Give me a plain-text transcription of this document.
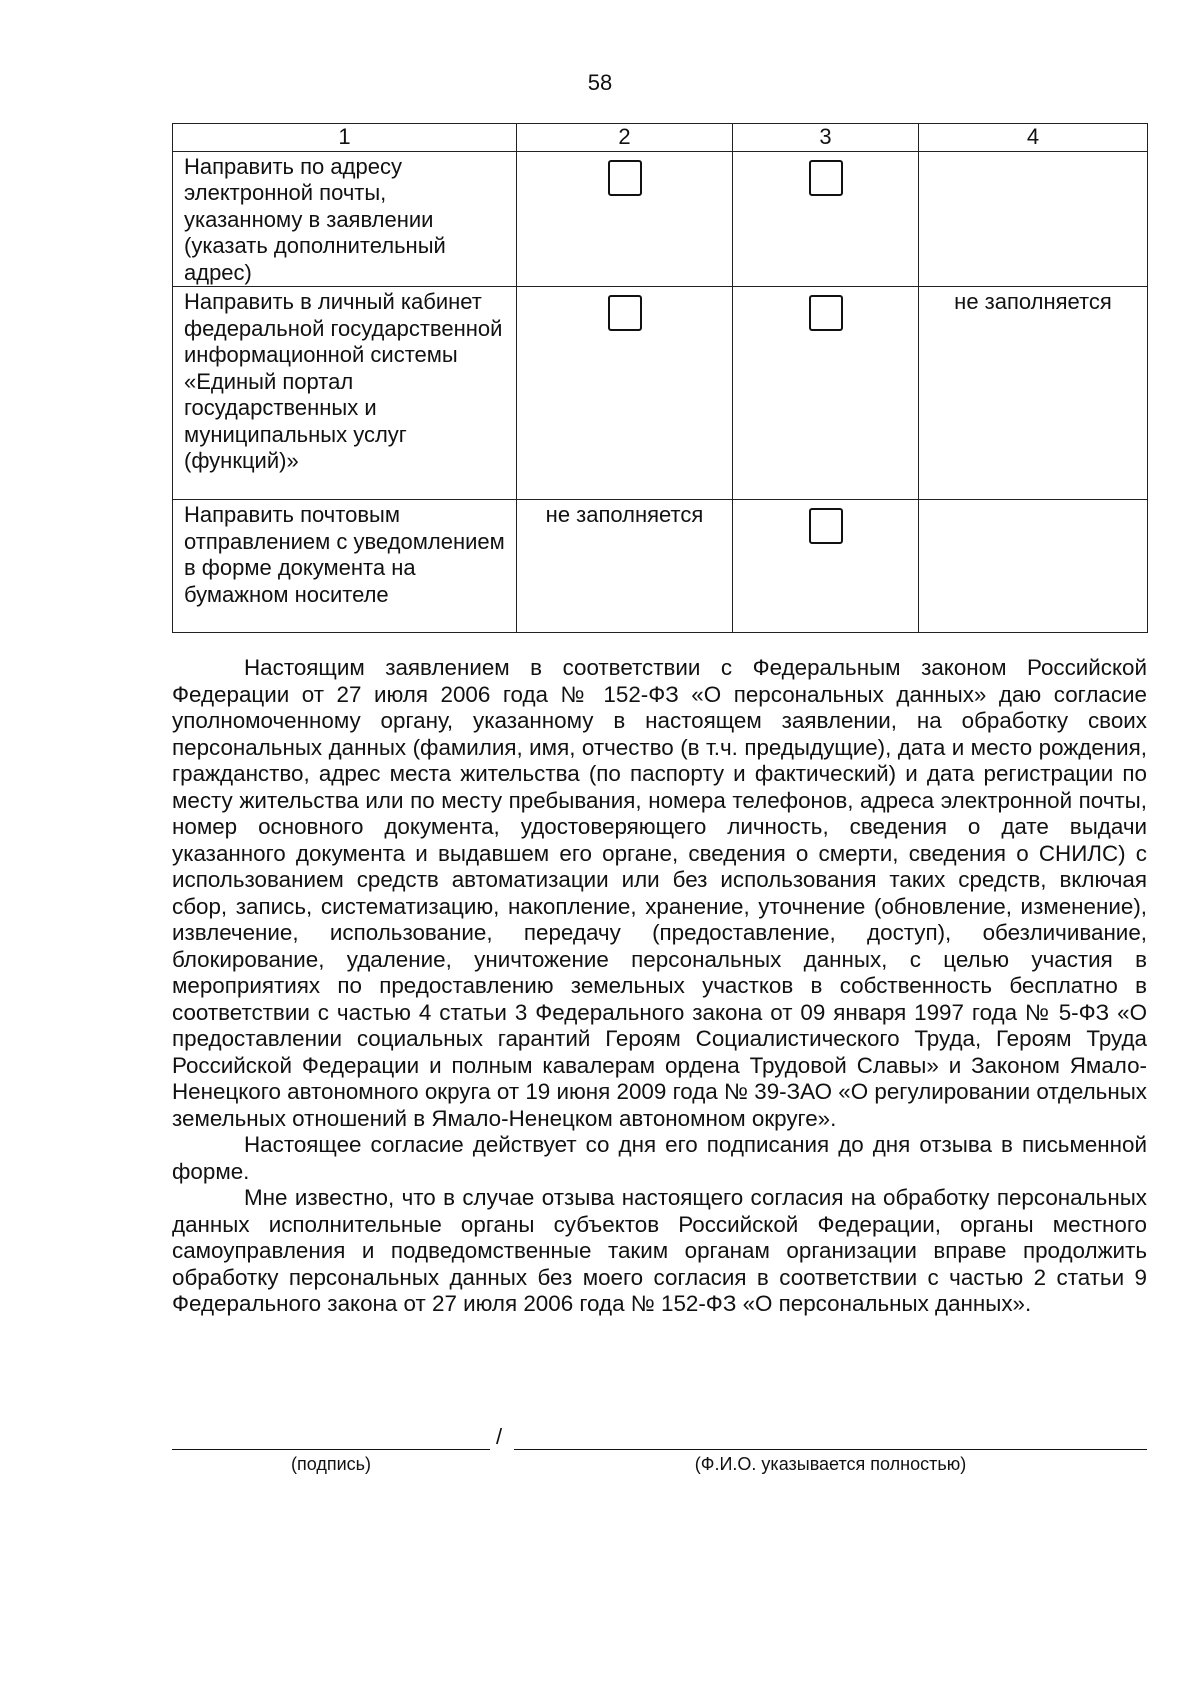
58
1	2	3	4
Направить по адресу электронной почты, указанному в заявлении (указать дополнительный адрес)	

Направить в личный кабинет федеральной государственной информационной системы «Единый портал государственных и муниципальных услуг (функций)»			не заполняется
Направить почтовым отправлением с уведомлением в форме документа на бумажном носителе	не заполняется	

Настоящим заявлением в соответствии с Федеральным законом Российской Федерации от 27 июля 2006 года № 152-ФЗ «О персональных данных» даю согласие уполномоченному органу, указанному в настоящем заявлении, на обработку своих персональных данных (фамилия, имя, отчество (в т.ч. предыдущие), дата и место рождения, гражданство, адрес места жительства (по паспорту и фактический) и дата регистрации по месту жительства или по месту пребывания, номера телефонов, адреса электронной почты, номер основного документа, удостоверяющего личность, сведения о дате выдачи указанного документа и выдавшем его органе, сведения о смерти, сведения о СНИЛС) с использованием средств автоматизации или без использования таких средств, включая сбор, запись, систематизацию, накопление, хранение, уточнение (обновление, изменение), извлечение, использование, передачу (предоставление, доступ), обезличивание, блокирование, удаление, уничтожение персональных данных, с целью участия в мероприятиях по предоставлению земельных участков в собственность бесплатно в соответствии с частью 4 статьи 3 Федерального закона от 09 января 1997 года № 5-ФЗ «О предоставлении социальных гарантий Героям Социалистического Труда, Героям Труда Российской Федерации и полным кавалерам ордена Трудовой Славы» и Законом Ямало-Ненецкого автономного округа от 19 июня 2009 года № 39-ЗАО «О регулировании отдельных земельных отношений в Ямало-Ненецком автономном округе».

Настоящее согласие действует со дня его подписания до дня отзыва в письменной форме.

Мне известно, что в случае отзыва настоящего согласия на обработку персональных данных исполнительные органы субъектов Российской Федерации, органы местного самоуправления и подведомственные таким органам организации вправе продолжить обработку персональных данных без моего согласия в соответствии с частью 2 статьи 9 Федерального закона от 27 июля 2006 года № 152-ФЗ «О персональных данных».

/
(подпись)	(Ф.И.О. указывается полностью)
